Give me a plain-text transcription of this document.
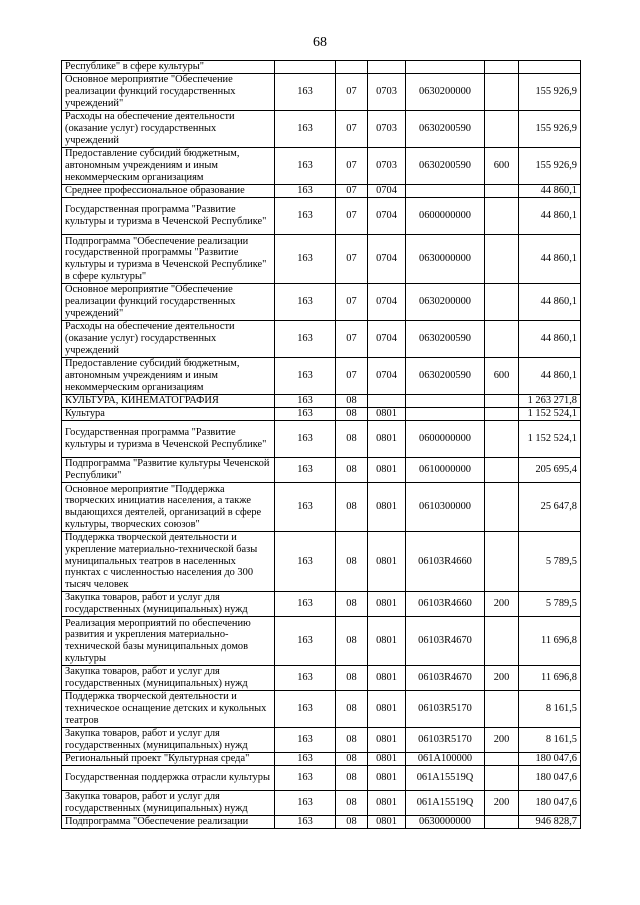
68
Республике" в сфере культуры"						
Основное мероприятие "Обеспечение реализации функций государственных учреждений"	163	07	0703	0630200000		155 926,9
Расходы на обеспечение деятельности (оказание услуг) государственных учреждений	163	07	0703	0630200590		155 926,9
Предоставление субсидий бюджетным, автономным учреждениям и иным некоммерческим организациям	163	07	0703	0630200590	600	155 926,9
Среднее профессиональное образование	163	07	0704			44 860,1
Государственная программа "Развитие культуры и туризма в Чеченской Республике"	163	07	0704	0600000000		44 860,1
Подпрограмма "Обеспечение реализации государственной программы "Развитие культуры и туризма в Чеченской Республике" в сфере культуры"	163	07	0704	0630000000		44 860,1
Основное мероприятие "Обеспечение реализации функций государственных учреждений"	163	07	0704	0630200000		44 860,1
Расходы на обеспечение деятельности (оказание услуг) государственных учреждений	163	07	0704	0630200590		44 860,1
Предоставление субсидий бюджетным, автономным учреждениям и иным некоммерческим организациям	163	07	0704	0630200590	600	44 860,1
КУЛЬТУРА, КИНЕМАТОГРАФИЯ	163	08				1 263 271,8
Культура	163	08	0801			1 152 524,1
Государственная программа "Развитие культуры и туризма в Чеченской Республике"	163	08	0801	0600000000		1 152 524,1
Подпрограмма "Развитие культуры Чеченской Республики"	163	08	0801	0610000000		205 695,4
Основное мероприятие "Поддержка творческих инициатив населения, а также выдающихся деятелей, организаций в сфере культуры, творческих союзов"	163	08	0801	0610300000		25 647,8
Поддержка творческой деятельности и укрепление материально-технической базы муниципальных театров в населенных пунктах с численностью населения до 300 тысяч человек	163	08	0801	06103R4660		5 789,5
Закупка товаров, работ и услуг для государственных (муниципальных) нужд	163	08	0801	06103R4660	200	5 789,5
Реализация мероприятий по обеспечению развития и укрепления материально-технической базы муниципальных домов культуры	163	08	0801	06103R4670		11 696,8
Закупка товаров, работ и услуг для государственных (муниципальных) нужд	163	08	0801	06103R4670	200	11 696,8
Поддержка творческой деятельности и техническое оснащение детских и кукольных театров	163	08	0801	06103R5170		8 161,5
Закупка товаров, работ и услуг для государственных (муниципальных) нужд	163	08	0801	06103R5170	200	8 161,5
Региональный проект "Культурная среда"	163	08	0801	061A100000		180 047,6
Государственная поддержка отрасли культуры	163	08	0801	061A15519Q		180 047,6
Закупка товаров, работ и услуг для государственных (муниципальных) нужд	163	08	0801	061A15519Q	200	180 047,6
Подпрограмма "Обеспечение реализации	163	08	0801	0630000000		946 828,7
